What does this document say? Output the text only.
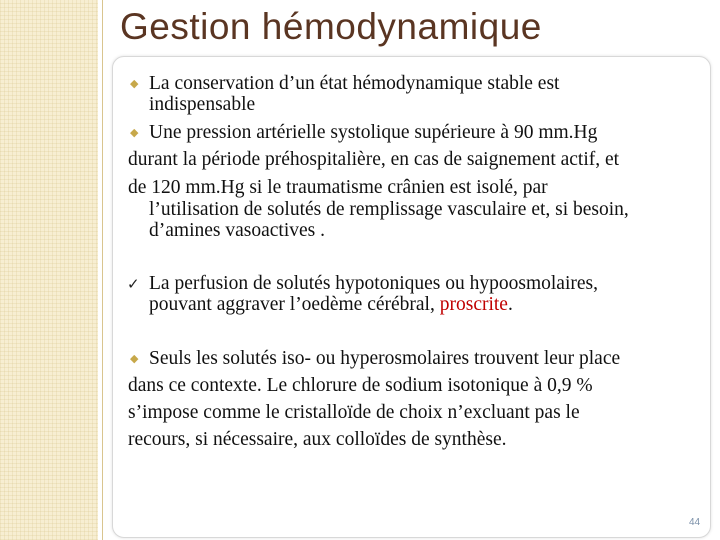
Gestion hémodynamique
◆ La conservation d’un état hémodynamique stable est
indispensable
◆ Une pression artérielle systolique supérieure à 90 mm.Hg
durant la période préhospitalière, en cas de saignement actif, et
de 120 mm.Hg si le traumatisme crânien est isolé, par
l’utilisation de solutés de remplissage vasculaire et, si besoin,
d’amines vasoactives .
✓ La perfusion de solutés hypotoniques ou hypoosmolaires,
pouvant aggraver l’oedème cérébral, proscrite.
◆ Seuls les solutés iso- ou hyperosmolaires trouvent leur place
dans ce contexte. Le chlorure de sodium isotonique à 0,9 %
s’impose comme le cristalloïde de choix n’excluant pas le
recours, si nécessaire, aux colloïdes de synthèse.
44
